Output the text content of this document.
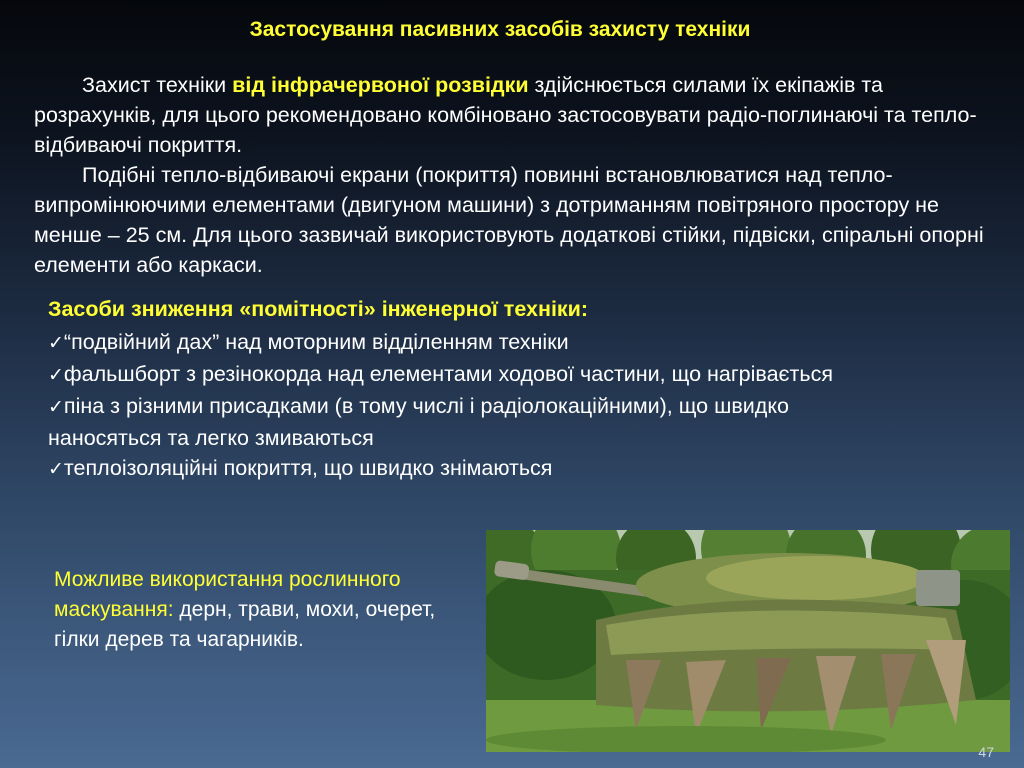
Застосування пасивних засобів захисту техніки

Захист техніки від інфрачервоної розвідки здійснюється силами їх екіпажів та розрахунків, для цього рекомендовано комбіновано застосовувати радіо-поглинаючі та тепло-відбиваючі покриття.

Подібні тепло-відбиваючі екрани (покриття) повинні встановлюватися над тепло-випромінюючими елементами (двигуном машини) з дотриманням повітряного простору не менше – 25 см. Для цього зазвичай використовують додаткові стійки, підвіски, спіральні опорні елементи або каркаси.

Засоби зниження «помітності» інженерної техніки:
✓“подвійний дах” над моторним відділенням техніки
✓фальшборт з резінокорда над елементами ходової частини, що нагрівається
✓піна з різними присадками (в тому числі і радіолокаційними), що швидко наносяться та легко змиваються
✓теплоізоляційні покриття, що швидко знімаються
Можливе використання рослинного маскування: дерн, трави, мохи, очерет, гілки дерев та чагарників.
47
